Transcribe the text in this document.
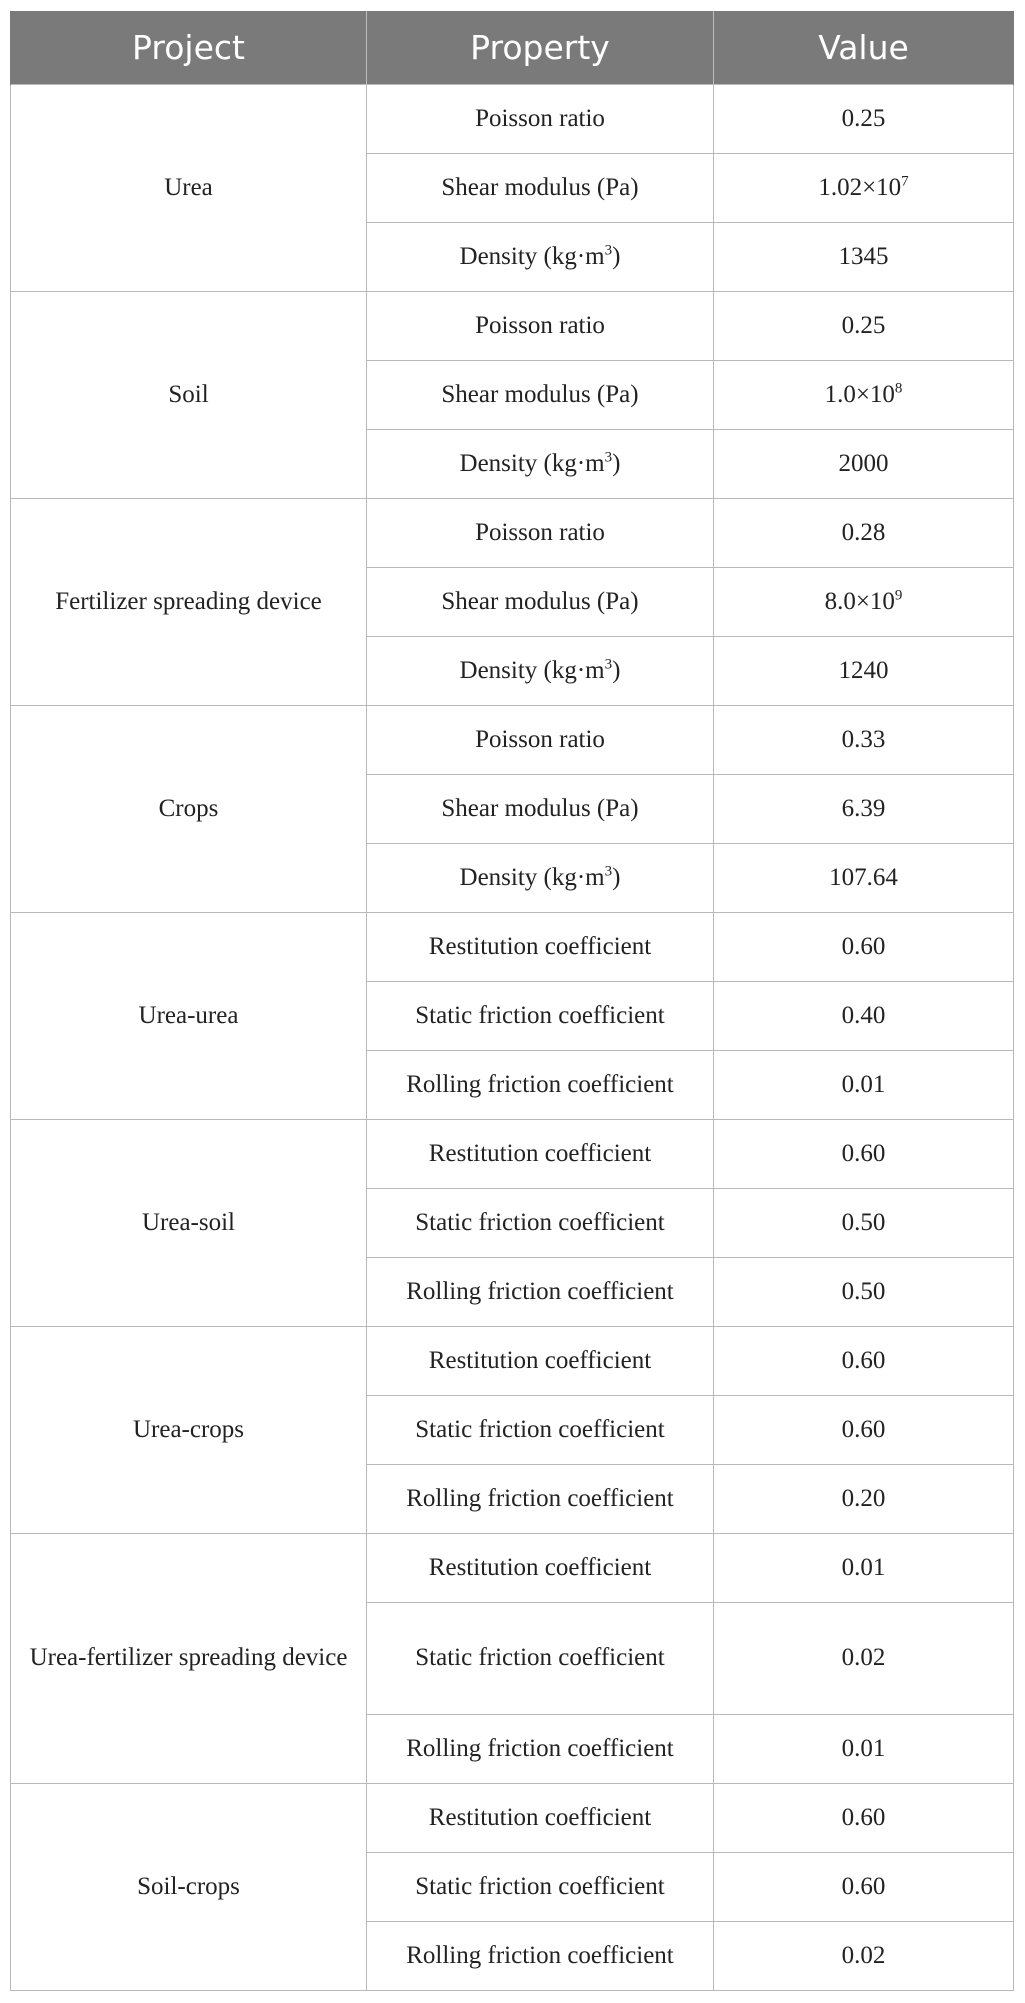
Project	Property	Value
	Poisson ratio	0.25
Urea	Shear modulus (Pa)	$1.02\times 10^7$
	Density $(kg\cdot m^3)$	1345
	Poisson ratio	0.25
Soil	Shear modulus (Pa)	$1.0\times 10^8$
	Density $(kg\cdot m^3)$	2000
	Poisson ratio	0.28
Fertilizer spreading device	Shear modulus (Pa)	$8.0\times 10^9$
	Density $(kg\cdot m^3)$	1240
	Poisson ratio	0.33
Crops	Shear modulus (Pa)	6.39
	Density $(kg\cdot m^3)$	107.64
	Restitution coefficient	0.60
Urea-urea	Static friction coefficient	0.40
	Rolling friction coefficient	0.01
	Restitution coefficient	0.60
Urea-soil	Static friction coefficient	0.50
	Rolling friction coefficient	0.50
	Restitution coefficient	0.60
Urea-crops	Static friction coefficient	0.60
	Rolling friction coefficient	0.20
	Restitution coefficient	0.01
Urea-fertilizer spreading device	Static friction coefficient	0.02
	Rolling friction coefficient	0.01
	Restitution coefficient	0.60
Soil-crops	Static friction coefficient	0.60
	Rolling friction coefficient	0.02
